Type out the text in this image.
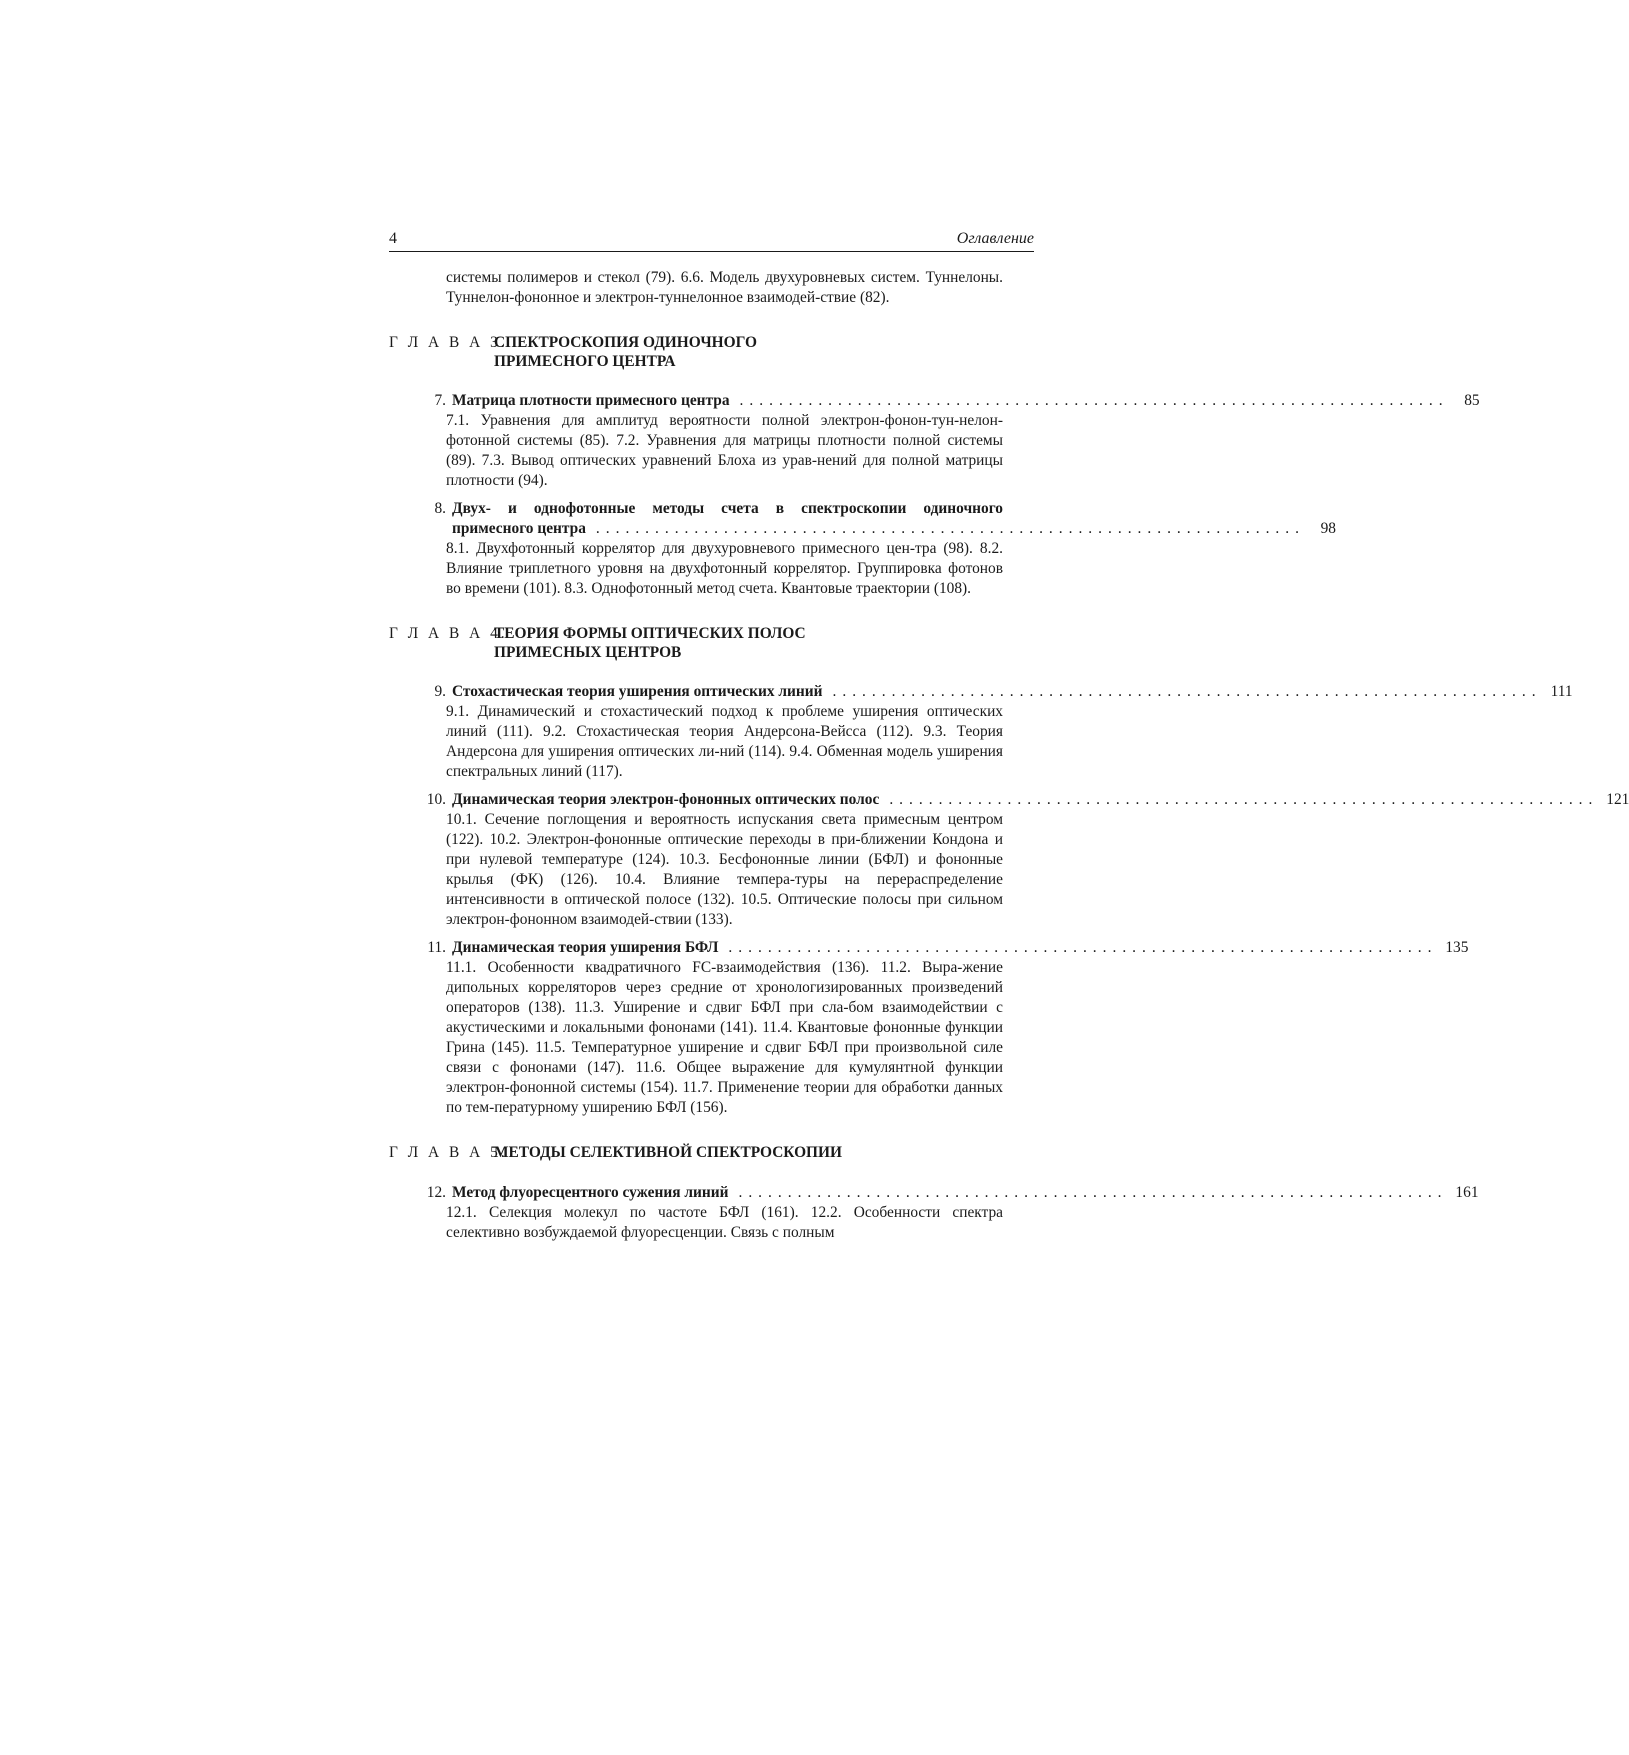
4	Оглавление
системы полимеров и стекол (79). 6.6. Модель двухуровневых систем. Туннелоны. Туннелон-фононное и электрон-туннелонное взаимодей-ствие (82).
Г Л А В А 3.
СПЕКТРОСКОПИЯ ОДИНОЧНОГО
ПРИМЕСНОГО ЦЕНТРА
7. Матрица плотности примесного центра ........................................................................	85
7.1. Уравнения для амплитуд вероятности полной электрон-фонон-тун-нелон-фотонной системы (85). 7.2. Уравнения для матрицы плотности полной системы (89). 7.3. Вывод оптических уравнений Блоха из урав-нений для полной матрицы плотности (94).
8. Двух- и однофотонные методы счета в спектроскопии одиночного
примесного центра ........................................................................	98
8.1. Двухфотонный коррелятор для двухуровневого примесного цен-тра (98). 8.2. Влияние триплетного уровня на двухфотонный коррелятор. Группировка фотонов во времени (101). 8.3. Однофотонный метод счета. Квантовые траектории (108).
Г Л А В А 4.
ТЕОРИЯ ФОРМЫ ОПТИЧЕСКИХ ПОЛОС
ПРИМЕСНЫХ ЦЕНТРОВ
9. Стохастическая теория уширения оптических линий ........................................................................ 111
9.1. Динамический и стохастический подход к проблеме уширения оптических линий (111). 9.2. Стохастическая теория Андерсона-Вейсса (112). 9.3. Теория Андерсона для уширения оптических ли-ний (114). 9.4. Обменная модель уширения спектральных линий (117).
10. Динамическая теория электрон-фононных оптических полос ........................................................................ 121
10.1. Сечение поглощения и вероятность испускания света примесным центром (122). 10.2. Электрон-фононные оптические переходы в при-ближении Кондона и при нулевой температуре (124). 10.3. Бесфононные линии (БФЛ) и фононные крылья (ФК) (126). 10.4. Влияние темпера-туры на перераспределение интенсивности в оптической полосе (132). 10.5. Оптические полосы при сильном электрон-фононном взаимодей-ствии (133).
11. Динамическая теория уширения БФЛ ........................................................................ 135
11.1. Особенности квадратичного FC-взаимодействия (136). 11.2. Выра-жение дипольных корреляторов через средние от хронологизированных произведений операторов (138). 11.3. Уширение и сдвиг БФЛ при сла-бом взаимодействии с акустическими и локальными фононами (141). 11.4. Квантовые фононные функции Грина (145). 11.5. Температурное уширение и сдвиг БФЛ при произвольной силе связи с фононами (147). 11.6. Общее выражение для кумулянтной функции электрон-фононной системы (154). 11.7. Применение теории для обработки данных по тем-пературному уширению БФЛ (156).
Г Л А В А 5.
МЕТОДЫ СЕЛЕКТИВНОЙ СПЕКТРОСКОПИИ
12. Метод флуоресцентного сужения линий ........................................................................ 161
12.1. Селекция молекул по частоте БФЛ (161). 12.2. Особенности спектра селективно возбуждаемой флуоресценции. Связь с полным
